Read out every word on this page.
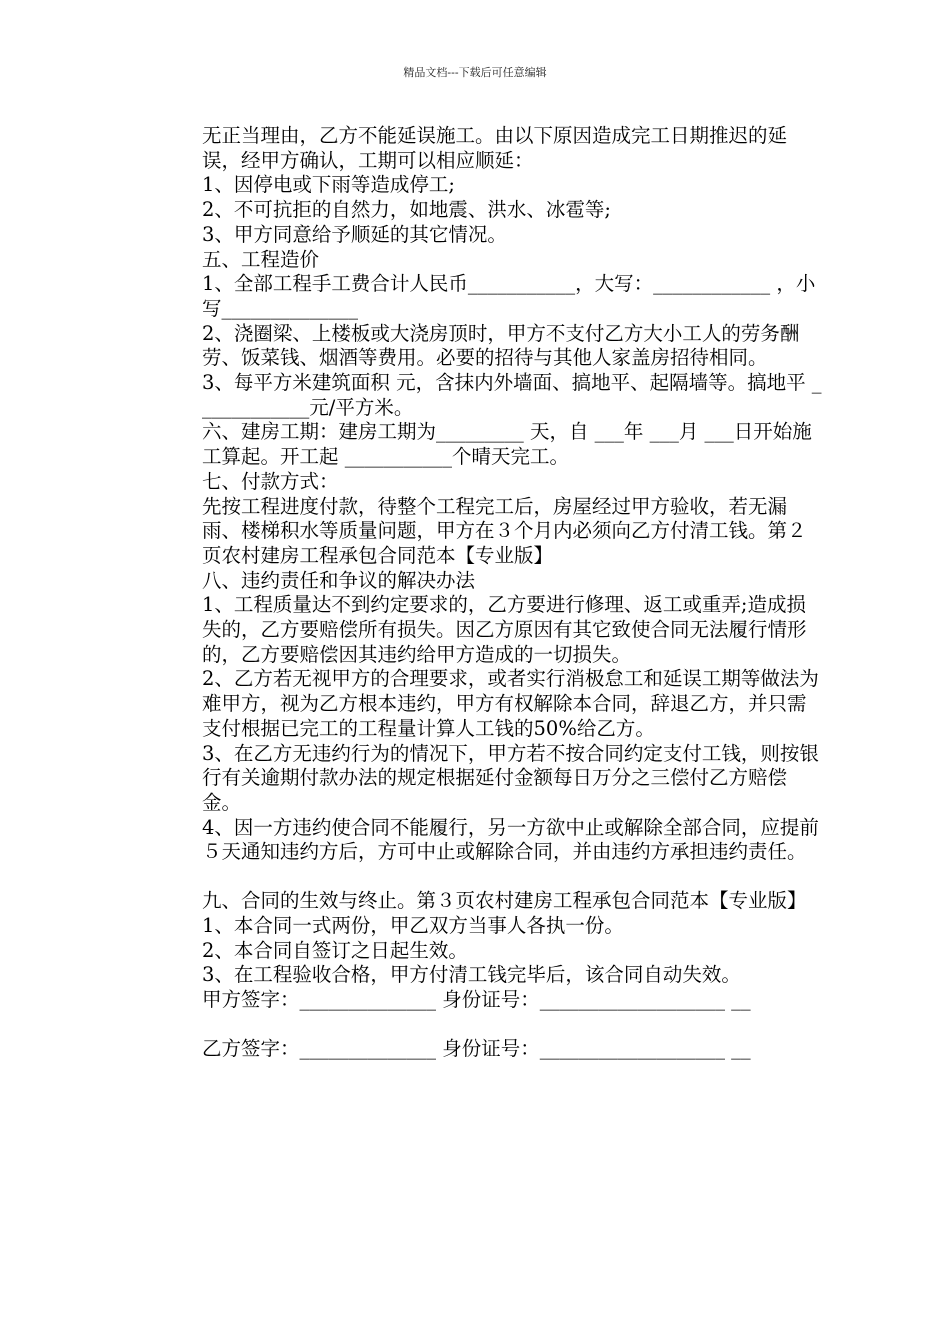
精品文档---下载后可任意编辑

无正当理由，乙方不能延误施工。由以下原因造成完工日期推迟的延误，经甲方确认，工期可以相应顺延：

1、因停电或下雨等造成停工;

2、不可抗拒的自然力，如地震、洪水、冰雹等;

3、甲方同意给予顺延的其它情况。

五、工程造价

1、全部工程手工费合计人民币___________，大写：____________ ，小写______________

2、浇圈梁、上楼板或大浇房顶时，甲方不支付乙方大小工人的劳务酬劳、饭菜钱、烟酒等费用。必要的招待与其他人家盖房招待相同。

3、每平方米建筑面积 元，含抹内外墙面、搞地平、起隔墙等。搞地平 ____________元/平方米。

六、建房工期：建房工期为_________ 天，自 ___年 ___月 ___日开始施工算起。开工起 ___________个晴天完工。

七、付款方式：

先按工程进度付款，待整个工程完工后，房屋经过甲方验收，若无漏雨、楼梯积水等质量问题，甲方在３个月内必须向乙方付清工钱。第２页农村建房工程承包合同范本【专业版】

八、违约责任和争议的解决办法

1、工程质量达不到约定要求的，乙方要进行修理、返工或重弄;造成损失的，乙方要赔偿所有损失。因乙方原因有其它致使合同无法履行情形的，乙方要赔偿因其违约给甲方造成的一切损失。

2、乙方若无视甲方的合理要求，或者实行消极怠工和延误工期等做法为难甲方，视为乙方根本违约，甲方有权解除本合同，辞退乙方，并只需支付根据已完工的工程量计算人工钱的50%给乙方。

3、在乙方无违约行为的情况下，甲方若不按合同约定支付工钱，则按银行有关逾期付款办法的规定根据延付金额每日万分之三偿付乙方赔偿金。

4、因一方违约使合同不能履行，另一方欲中止或解除全部合同，应提前５天通知违约方后，方可中止或解除合同，并由违约方承担违约责任。

九、合同的生效与终止。第３页农村建房工程承包合同范本【专业版】

1、本合同一式两份，甲乙双方当事人各执一份。

2、本合同自签订之日起生效。

3、在工程验收合格，甲方付清工钱完毕后，该合同自动失效。

甲方签字：______________ 身份证号：___________________ __

乙方签字：______________ 身份证号：___________________ __
